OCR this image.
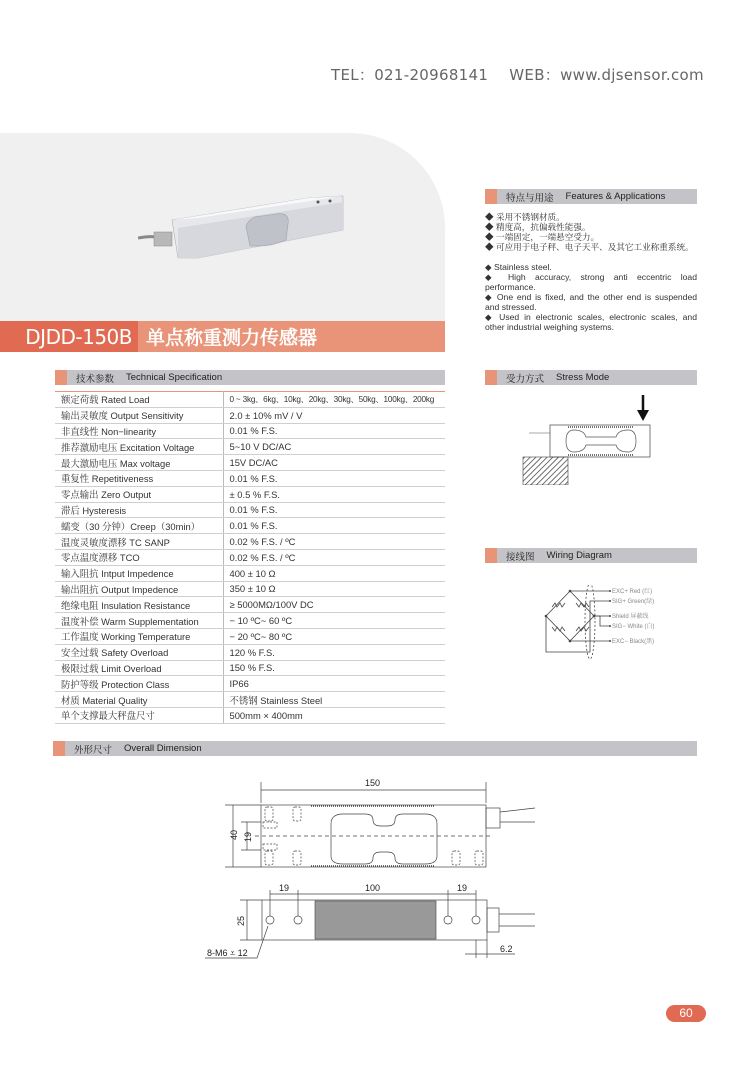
TEL：021-20968141 WEB：www.djsensor.com
DJDD-150B 单点称重测力传感器
特点与用途 Features & Applications

◆ 采用不锈钢材质。

◆ 精度高，抗偏载性能强。

◆ 一端固定，一端悬空受力。

◆ 可应用于电子秤、电子天平、及其它工业称重系统。

◆ Stainless steel.

◆ High accuracy, strong anti eccentric load performance.

◆ One end is fixed, and the other end is suspended and stressed.

◆ Used in electronic scales, electronic scales, and other industrial weighing systems.

技术参数 Technical Specification
额定荷载 Rated Load	0 ~ 3kg、6kg、10kg、20kg、30kg、50kg、100kg、200kg
输出灵敏度 Output Sensitivity	2.0 ± 10% mV / V
非直线性 Non−linearity	0.01 % F.S.
推荐激励电压 Excitation Voltage	5~10 V DC/AC
最大激励电压 Max voltage	15V DC/AC
重复性 Repetitiveness	0.01 % F.S.
零点输出 Zero Output	± 0.5 % F.S.
滞后 Hysteresis	0.01 % F.S.
蠕变（30 分钟）Creep（30min）	0.01 % F.S.
温度灵敏度漂移 TC SANP	0.02 % F.S. / ºC
零点温度漂移 TCO	0.02 % F.S. / ºC
输入阻抗 Intput Impedence	400 ± 10 Ω
输出阻抗 Output Impedence	350 ± 10 Ω
绝缘电阻 Insulation Resistance	≥ 5000MΩ/100V DC
温度补偿 Warm Supplementation	− 10 ºC~ 60 ºC
工作温度 Working Temperature	− 20 ºC~ 80 ºC
安全过载 Safety Overload	120 % F.S.
极限过载 Limit Overload	150 % F.S.
防护等级 Protection Class	IP66
材质 Material Quality	不锈钢 Stainless Steel
单个支撑最大秤盘尺寸	500mm × 400mm
受力方式 Stress Mode
接线图 Wiring Diagram
EXC+ Red (红)
SIG+ Green(绿)
Shield 屏蔽线
SIG− White (白)
EXC− Black(黑)
外形尺寸 Overall Dimension
150
40 19
19	100	19
25
6.2
8-M6 ⩡ 12
60
